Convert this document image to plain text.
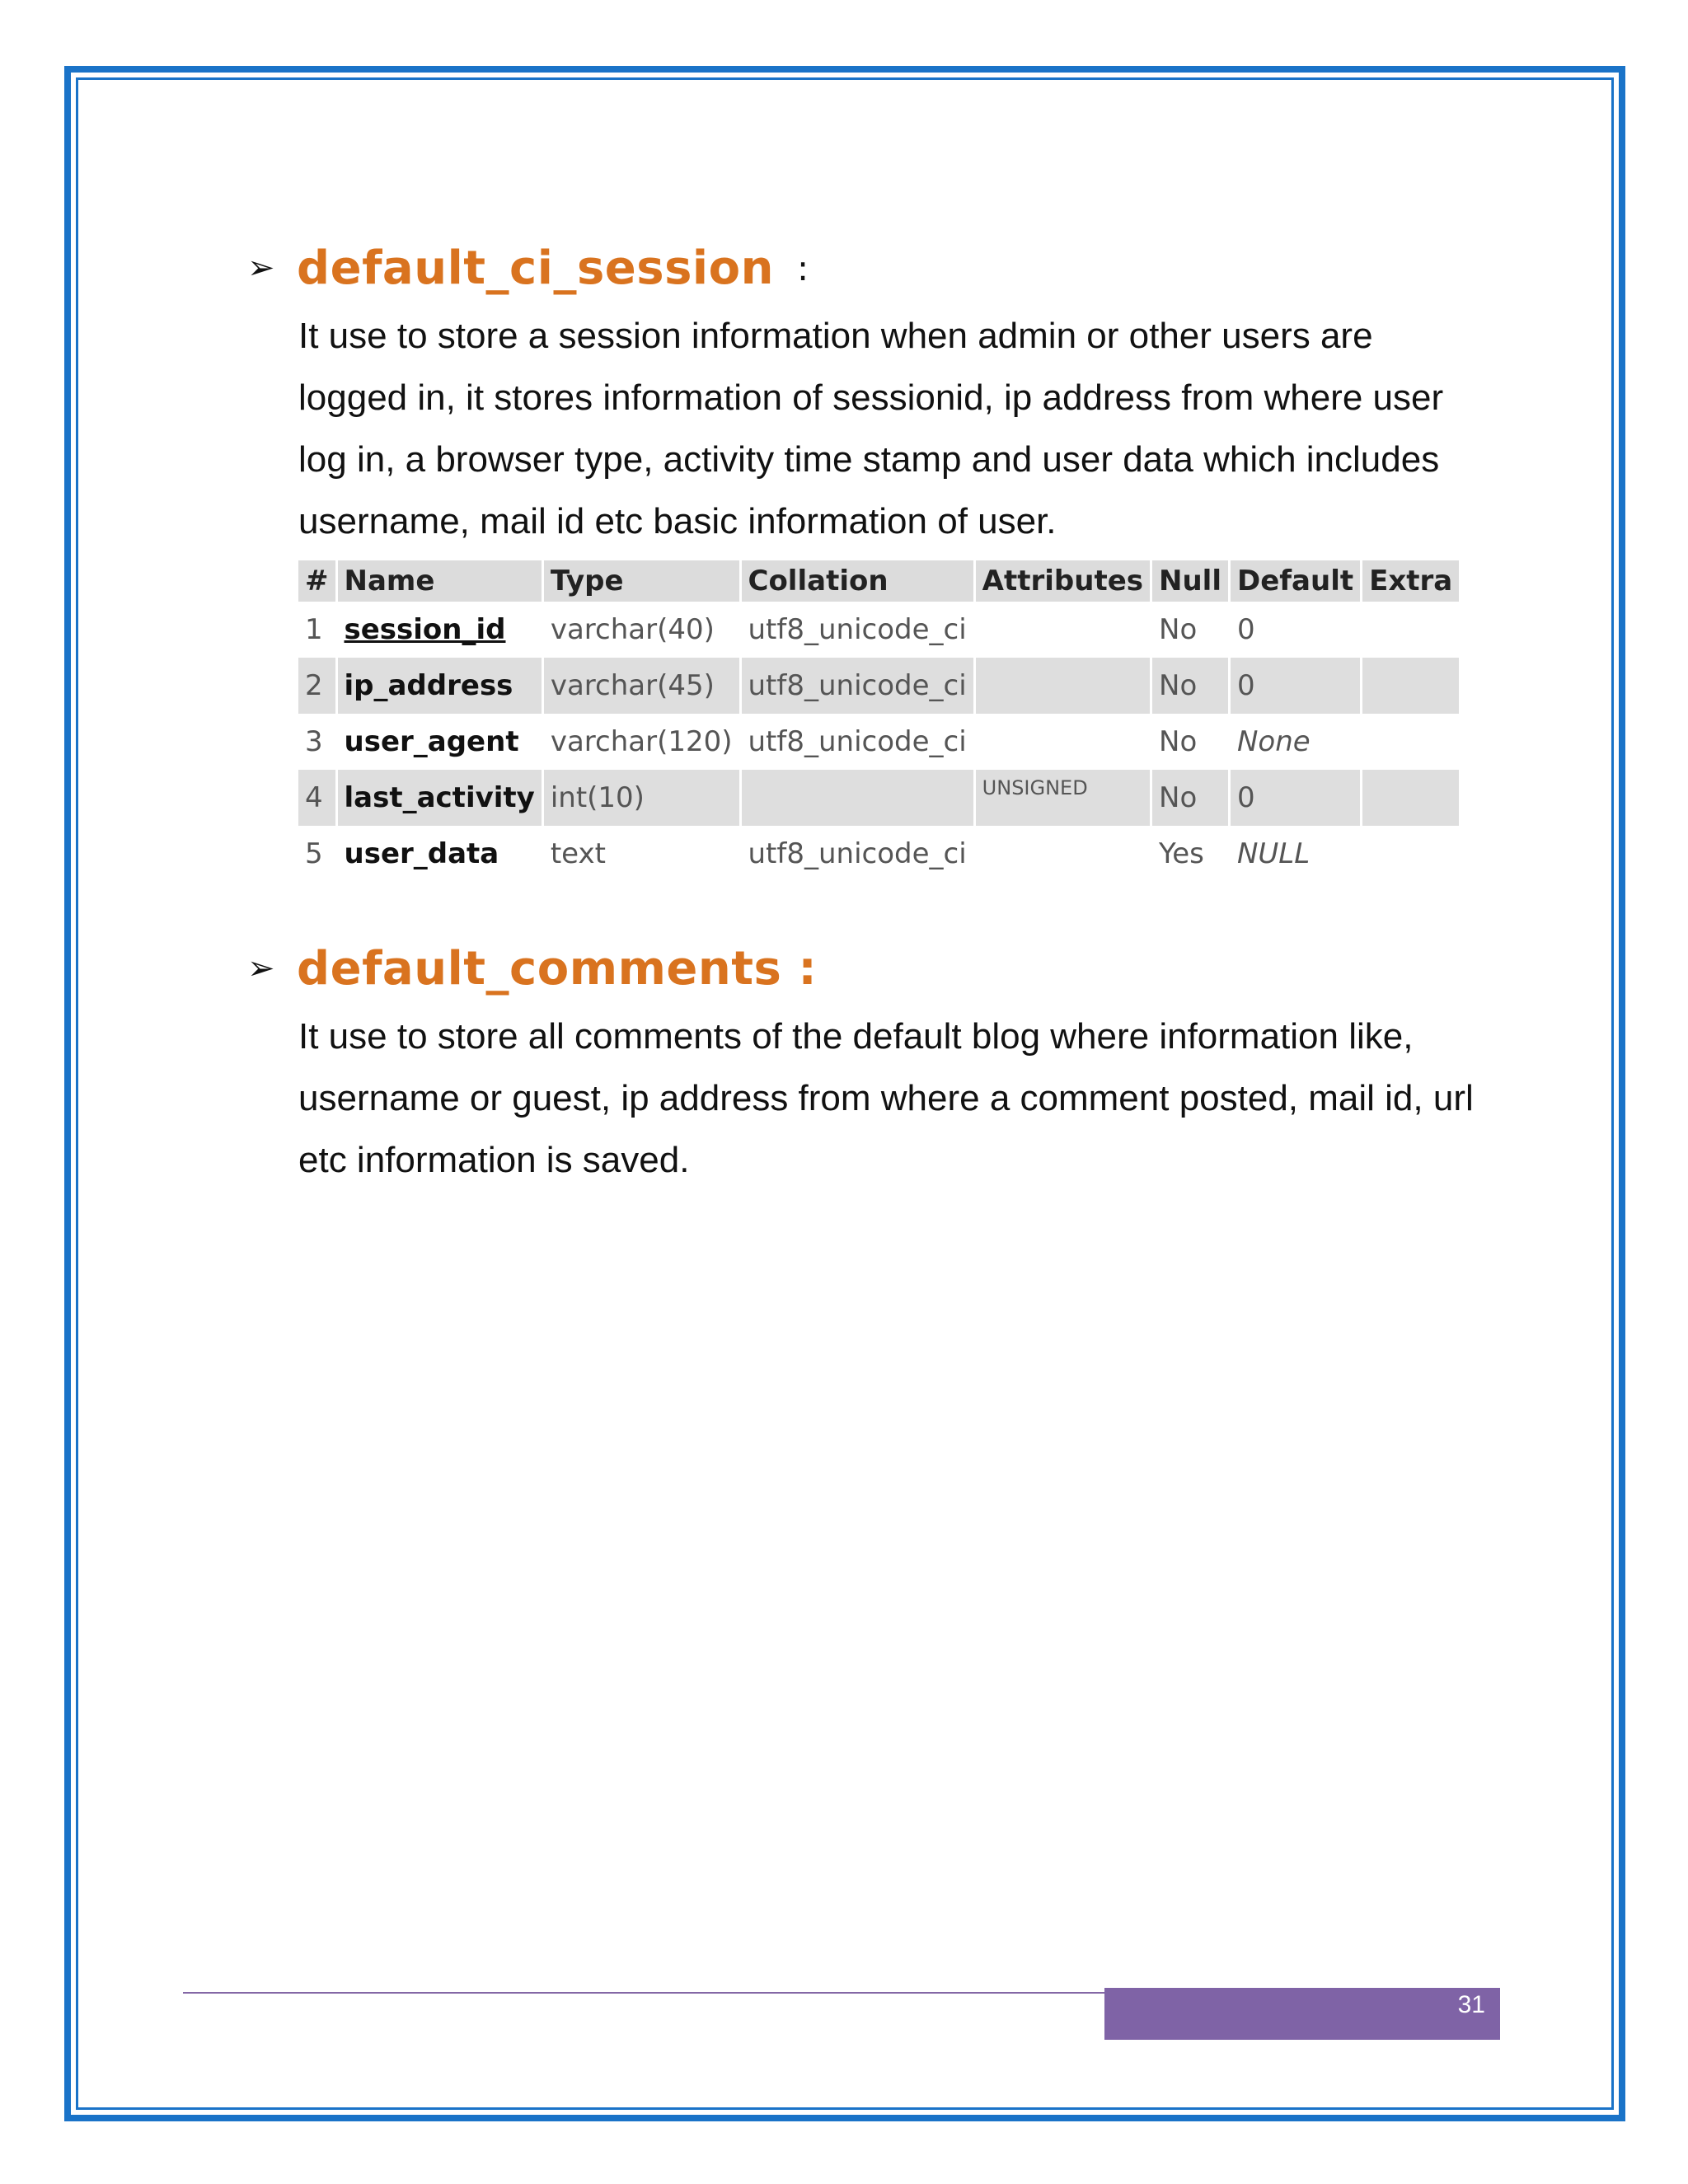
➢ default_ci_session :
It use to store a session information when admin or other users are logged in, it stores information of sessionid, ip address from where user log in, a browser type, activity time stamp and user data which includes username, mail id etc basic information of user.
#	Name	Type	Collation	Attributes	Null	Default	Extra
1	session_id	varchar(40)	utf8_unicode_ci		No	0	
2	ip_address	varchar(45)	utf8_unicode_ci		No	0	
3	user_agent	varchar(120)	utf8_unicode_ci		No	None	
4	last_activity	int(10)		UNSIGNED	No	0	
5	user_data	text	utf8_unicode_ci		Yes	NULL	
➢ default_comments :
It use to store all comments of the default blog where information like, username or guest, ip address from where a comment posted, mail id, url etc information is saved.
31
